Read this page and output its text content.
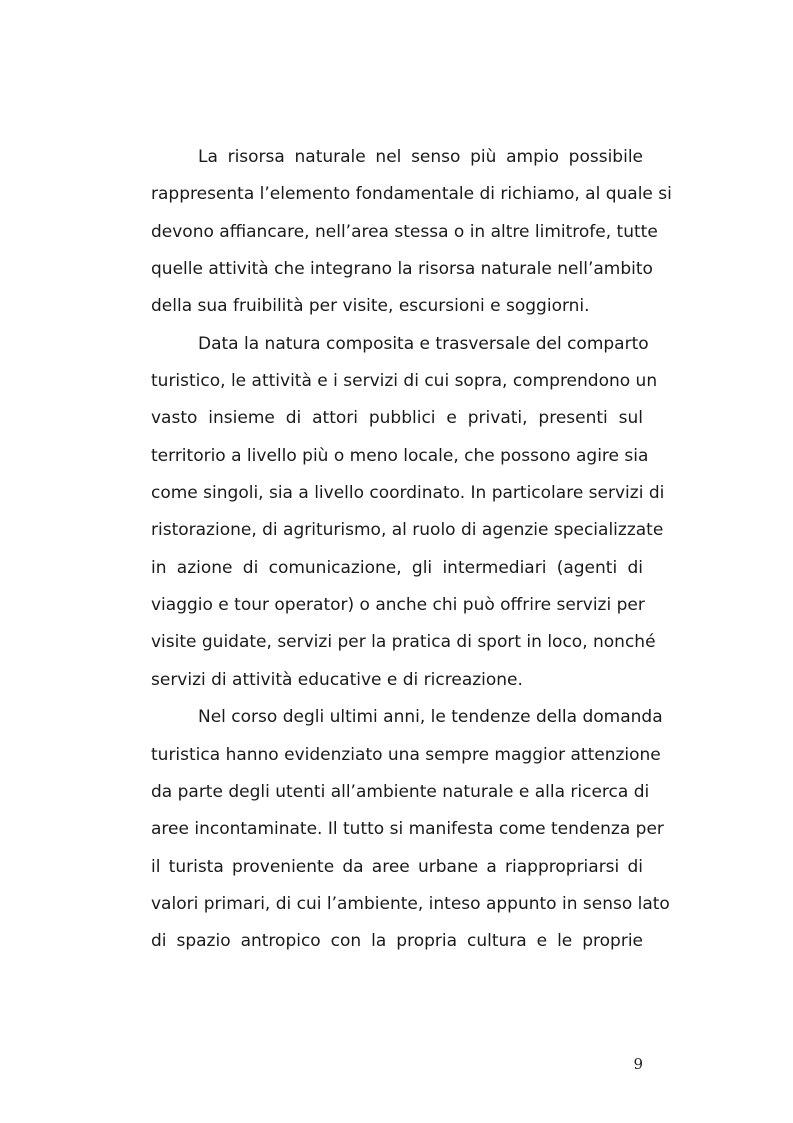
La risorsa naturale nel senso più ampio possibile
rappresenta l’elemento fondamentale di richiamo, al quale si
devono affiancare, nell’area stessa o in altre limitrofe, tutte
quelle attività che integrano la risorsa naturale nell’ambito
della sua fruibilità per visite, escursioni e soggiorni.
Data la natura composita e trasversale del comparto
turistico, le attività e i servizi di cui sopra, comprendono un
vasto insieme di attori pubblici e privati, presenti sul
territorio a livello più o meno locale, che possono agire sia
come singoli, sia a livello coordinato. In particolare servizi di
ristorazione, di agriturismo, al ruolo di agenzie specializzate
in azione di comunicazione, gli intermediari (agenti di
viaggio e tour operator) o anche chi può offrire servizi per
visite guidate, servizi per la pratica di sport in loco, nonché
servizi di attività educative e di ricreazione.
Nel corso degli ultimi anni, le tendenze della domanda
turistica hanno evidenziato una sempre maggior attenzione
da parte degli utenti all’ambiente naturale e alla ricerca di
aree incontaminate. Il tutto si manifesta come tendenza per
il turista proveniente da aree urbane a riappropriarsi di
valori primari, di cui l’ambiente, inteso appunto in senso lato
di spazio antropico con la propria cultura e le proprie
9
